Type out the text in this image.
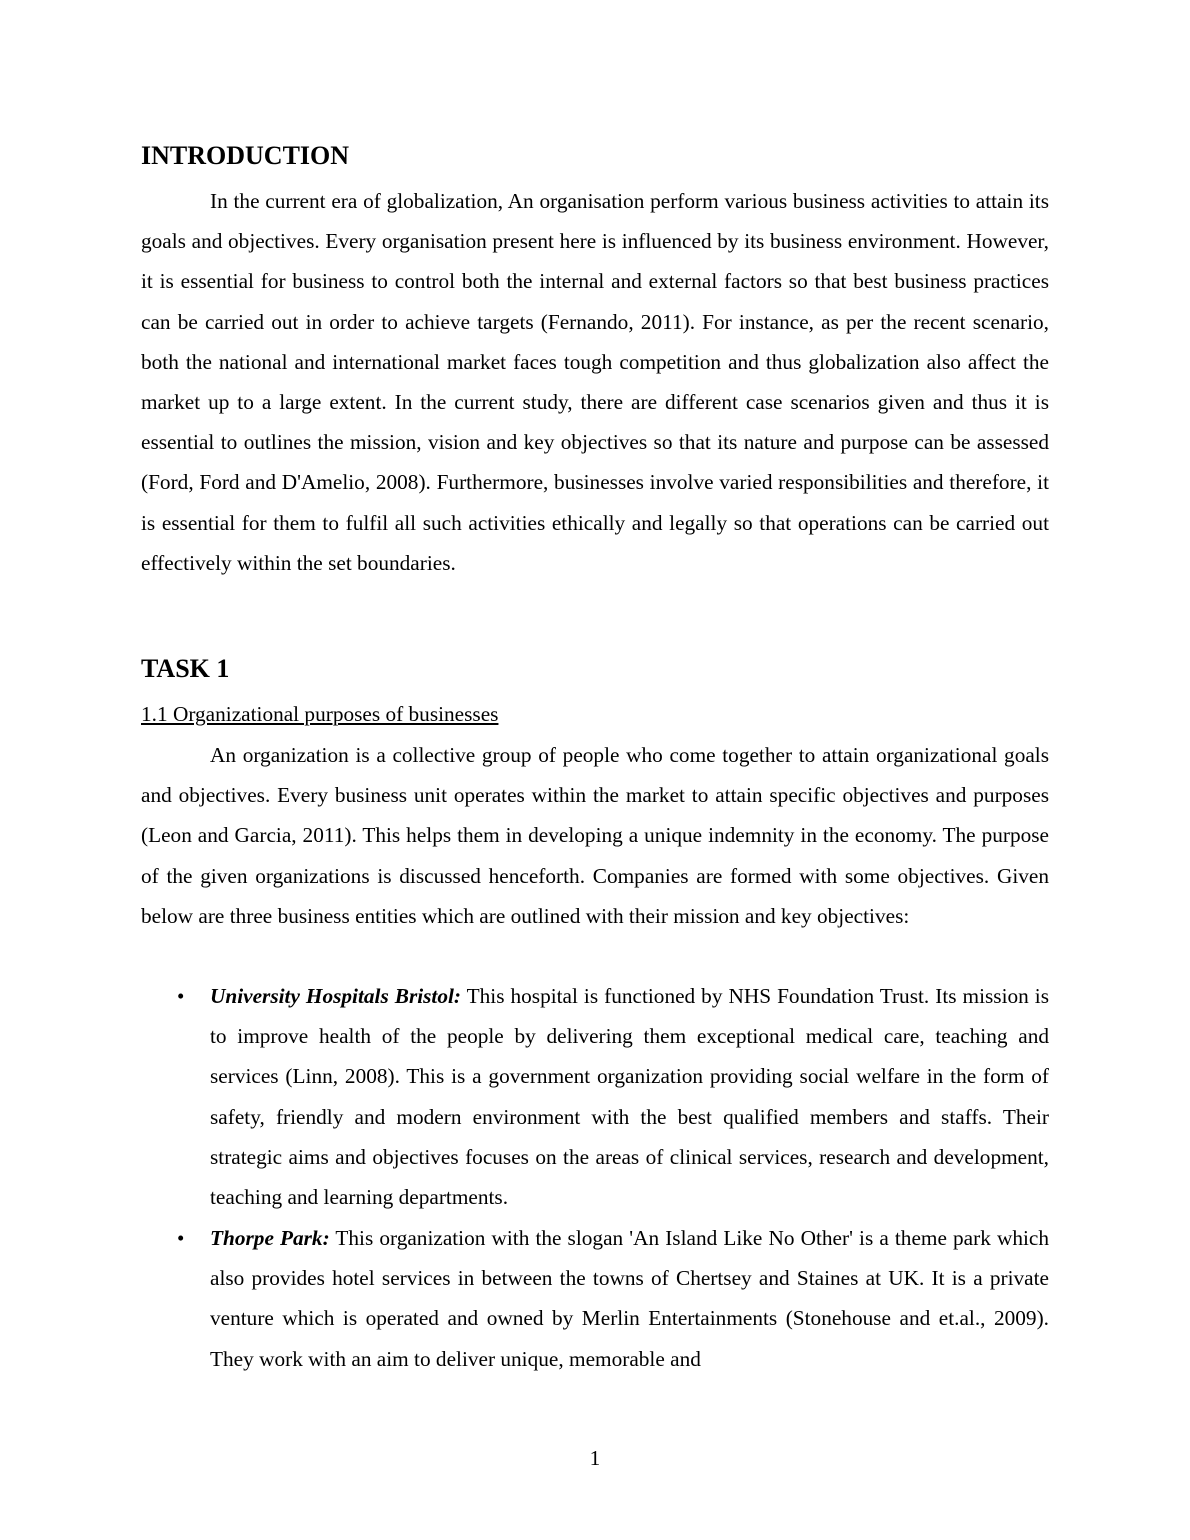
INTRODUCTION

In the current era of globalization, An organisation perform various business activities to attain its goals and objectives. Every organisation present here is influenced by its business environment. However, it is essential for business to control both the internal and external factors so that best business practices can be carried out in order to achieve targets (Fernando, 2011). For instance, as per the recent scenario, both the national and international market faces tough competition and thus globalization also affect the market up to a large extent. In the current study, there are different case scenarios given and thus it is essential to outlines the mission, vision and key objectives so that its nature and purpose can be assessed (Ford, Ford and D'Amelio, 2008). Furthermore, businesses involve varied responsibilities and therefore, it is essential for them to fulfil all such activities ethically and legally so that operations can be carried out effectively within the set boundaries.

TASK 1

1.1 Organizational purposes of businesses

An organization is a collective group of people who come together to attain organizational goals and objectives. Every business unit operates within the market to attain specific objectives and purposes (Leon and Garcia, 2011). This helps them in developing a unique indemnity in the economy. The purpose of the given organizations is discussed henceforth. Companies are formed with some objectives. Given below are three business entities which are outlined with their mission and key objectives:

• University Hospitals Bristol: This hospital is functioned by NHS Foundation Trust. Its mission is to improve health of the people by delivering them exceptional medical care, teaching and services (Linn, 2008). This is a government organization providing social welfare in the form of safety, friendly and modern environment with the best qualified members and staffs. Their strategic aims and objectives focuses on the areas of clinical services, research and development, teaching and learning departments.
• Thorpe Park: This organization with the slogan 'An Island Like No Other' is a theme park which also provides hotel services in between the towns of Chertsey and Staines at UK. It is a private venture which is operated and owned by Merlin Entertainments (Stonehouse and et.al., 2009). They work with an aim to deliver unique, memorable and
1
